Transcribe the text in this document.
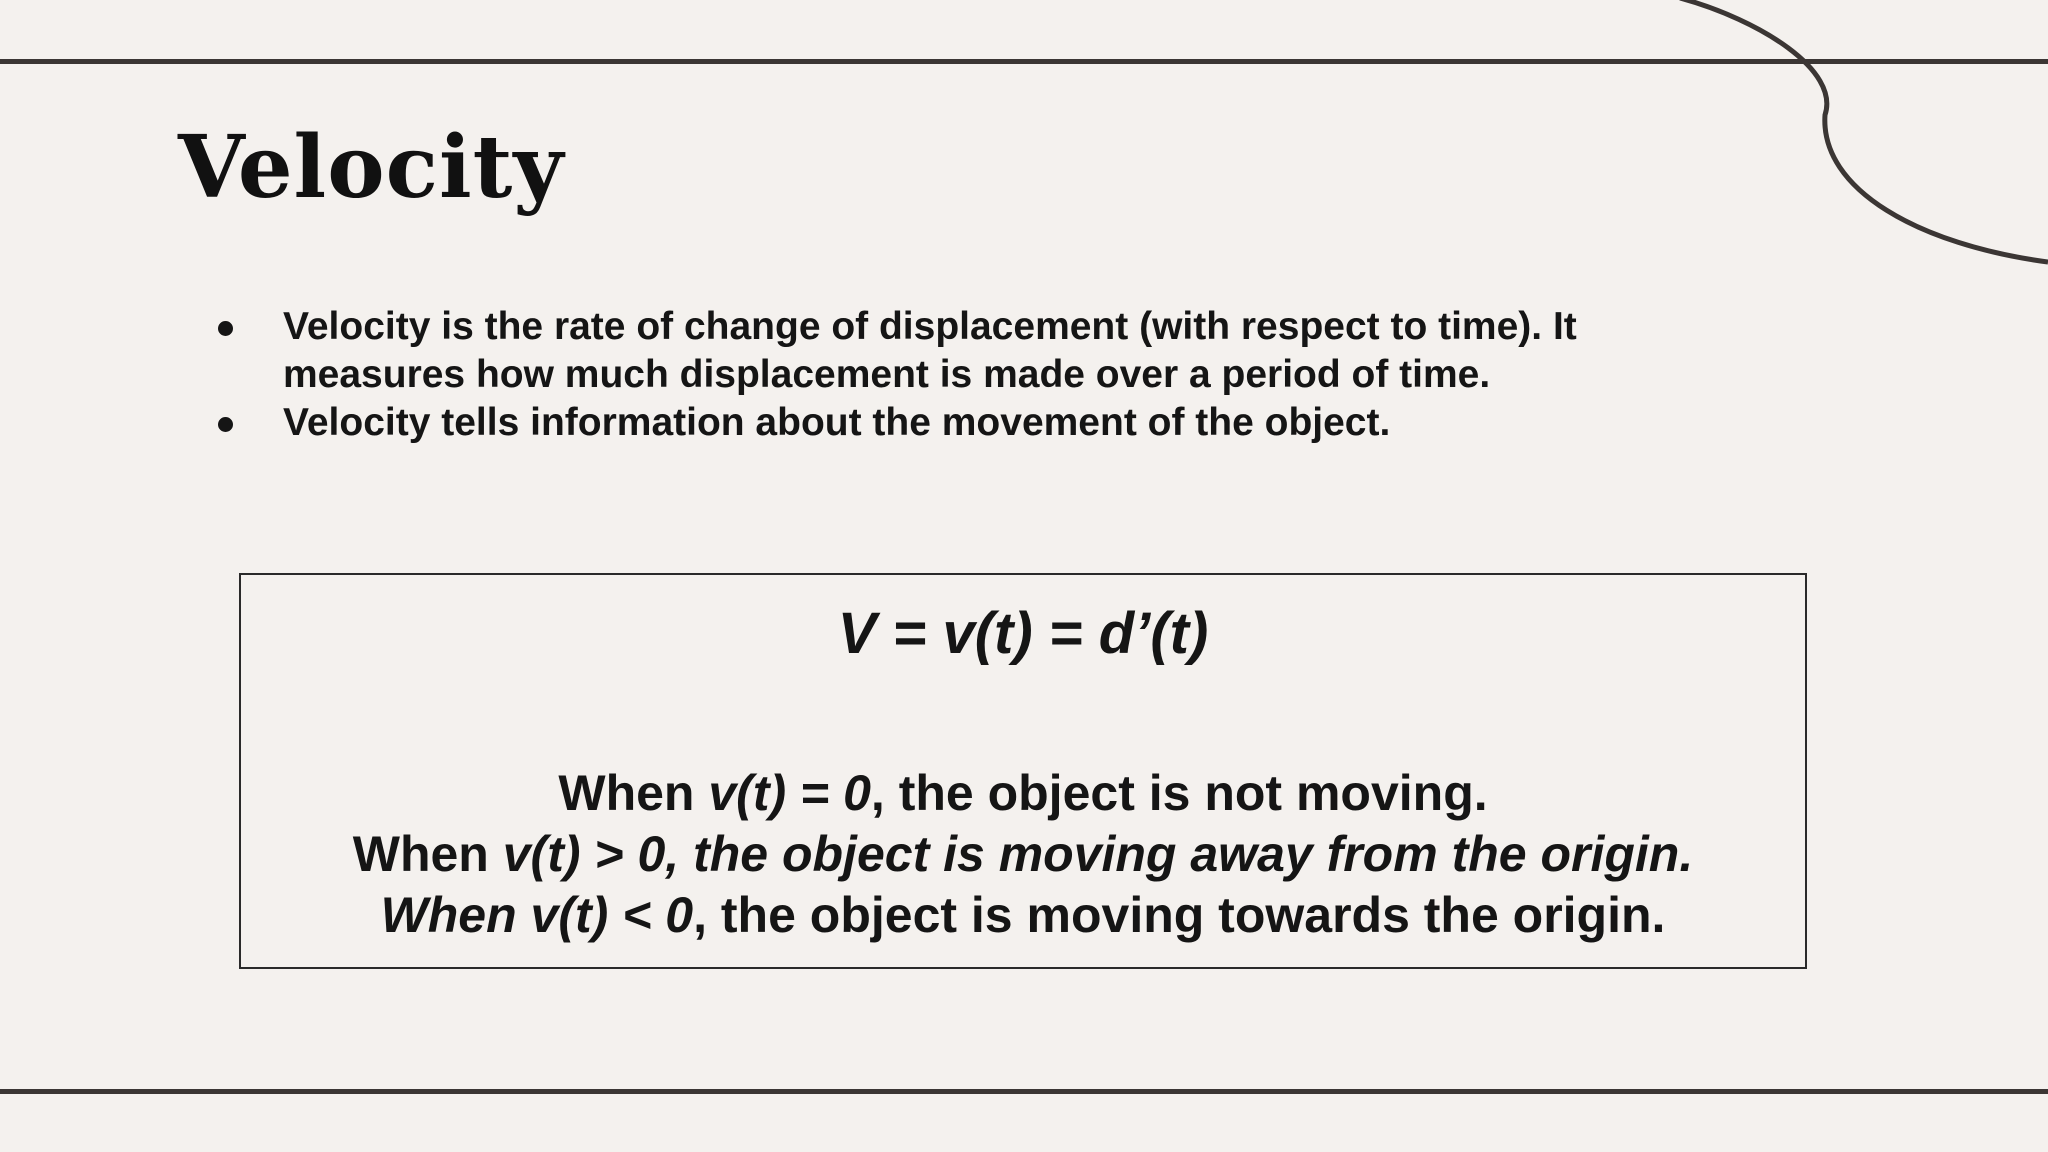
Velocity
Velocity is the rate of change of displacement (with respect to time). It measures how much displacement is made over a period of time.
Velocity tells information about the movement of the object.
V = v(t) = d’(t)
When v(t) = 0, the object is not moving.
When v(t) > 0, the object is moving away from the origin.
When v(t) < 0, the object is moving towards the origin.
